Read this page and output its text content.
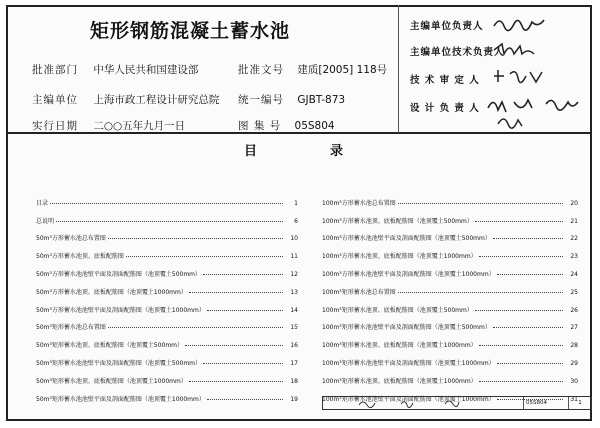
矩形钢筋混凝土蓄水池
批准部门 中华人民共和国建设部	批准文号 建质[2005] 118号
主编单位 上海市政工程设计研究总院 统一编号 GJBT-873
实行日期 二○○五年九月一日	图 集 号 05S804
主编单位负责人
主编单位技术负责人
技 术 审 定 人
设 计 负 责 人
目	录
目录	1
总说明	6
50m³方形蓄水池总布置图	10
50m³方形蓄水池顶、底板配筋图	11
50m³方形蓄水池池壁平面及剖面配筋图（池顶覆土500mm）	12
50m³方形蓄水池顶、底板配筋图（池顶覆土1000mm）	13
50m³方形蓄水池池壁平面及剖面配筋图（池顶覆土1000mm）	14
50m³矩形蓄水池总布置图	15
50m³矩形蓄水池顶、底板配筋图（池顶覆土500mm）	16
50m³矩形蓄水池池壁平面及剖面配筋图（池顶覆土500mm）	17
50m³矩形蓄水池顶、底板配筋图（池顶覆土1000mm）	18
50m³矩形蓄水池池壁平面及剖面配筋图（池顶覆土1000mm）	19
100m³方形蓄水池总布置图	20
100m³方形蓄水池顶、底板配筋图（池顶覆土500mm）	21
100m³方形蓄水池池壁平面及剖面配筋图（池顶覆土500mm）	22
100m³方形蓄水池顶、底板配筋图（池顶覆土1000mm）	23
100m³方形蓄水池池壁平面及剖面配筋图（池顶覆土1000mm）	24
100m³矩形蓄水池总布置图	25
100m³矩形蓄水池顶、底板配筋图（池顶覆土500mm）	26
100m³矩形蓄水池池壁平面及剖面配筋图（池顶覆土500mm）	27
100m³矩形蓄水池顶、底板配筋图（池顶覆土1000mm）	28
100m³矩形蓄水池池壁平面及剖面配筋图（池顶覆土1000mm）	29
100m³矩形蓄水池顶、底板配筋图（池顶覆土1000mm）	30
100m³矩形蓄水池池壁平面及剖面配筋图（池顶覆土1000mm）	31
05S804	1
